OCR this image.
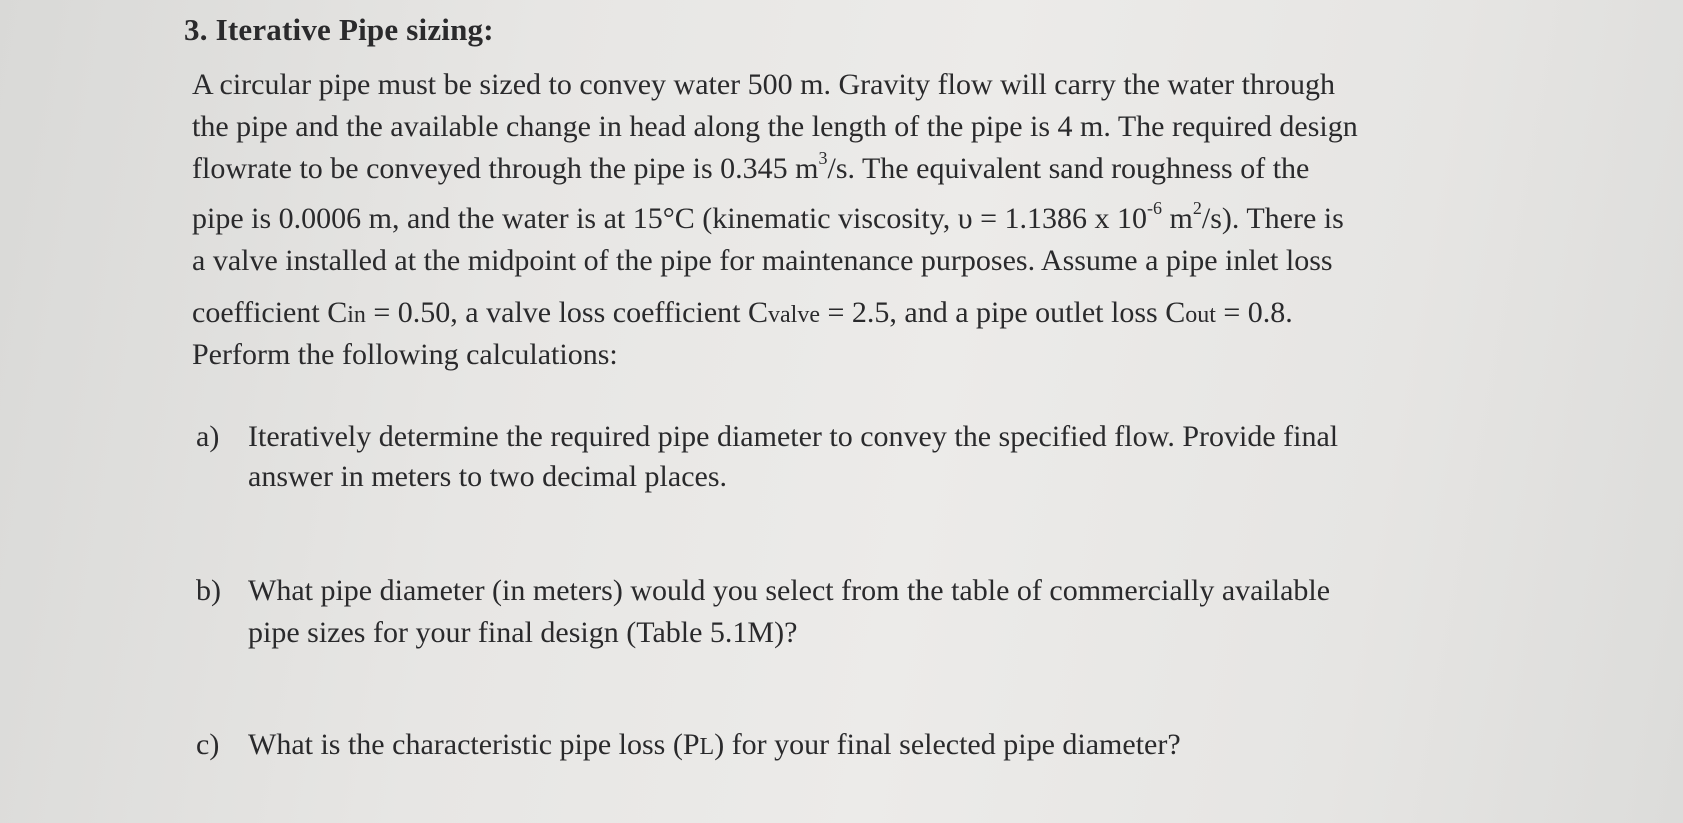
3. Iterative Pipe sizing:
A circular pipe must be sized to convey water 500 m. Gravity flow will carry the water through
the pipe and the available change in head along the length of the pipe is 4 m. The required design
flowrate to be conveyed through the pipe is 0.345 $m^3/s$. The equivalent sand roughness of the
pipe is 0.0006 m, and the water is at 15°C (kinematic viscosity, υ = 1.1386 x $10^{-6}$ $m^2/s$). There is
a valve installed at the midpoint of the pipe for maintenance purposes. Assume a pipe inlet loss
coefficient Cin = 0.50, a valve loss coefficient Cvalve = 2.5, and a pipe outlet loss Cout = 0.8.
Perform the following calculations:
a) Iteratively determine the required pipe diameter to convey the specified flow. Provide final
answer in meters to two decimal places.
b) What pipe diameter (in meters) would you select from the table of commercially available
pipe sizes for your final design (Table 5.1M)?
c) What is the characteristic pipe loss (PL) for your final selected pipe diameter?
